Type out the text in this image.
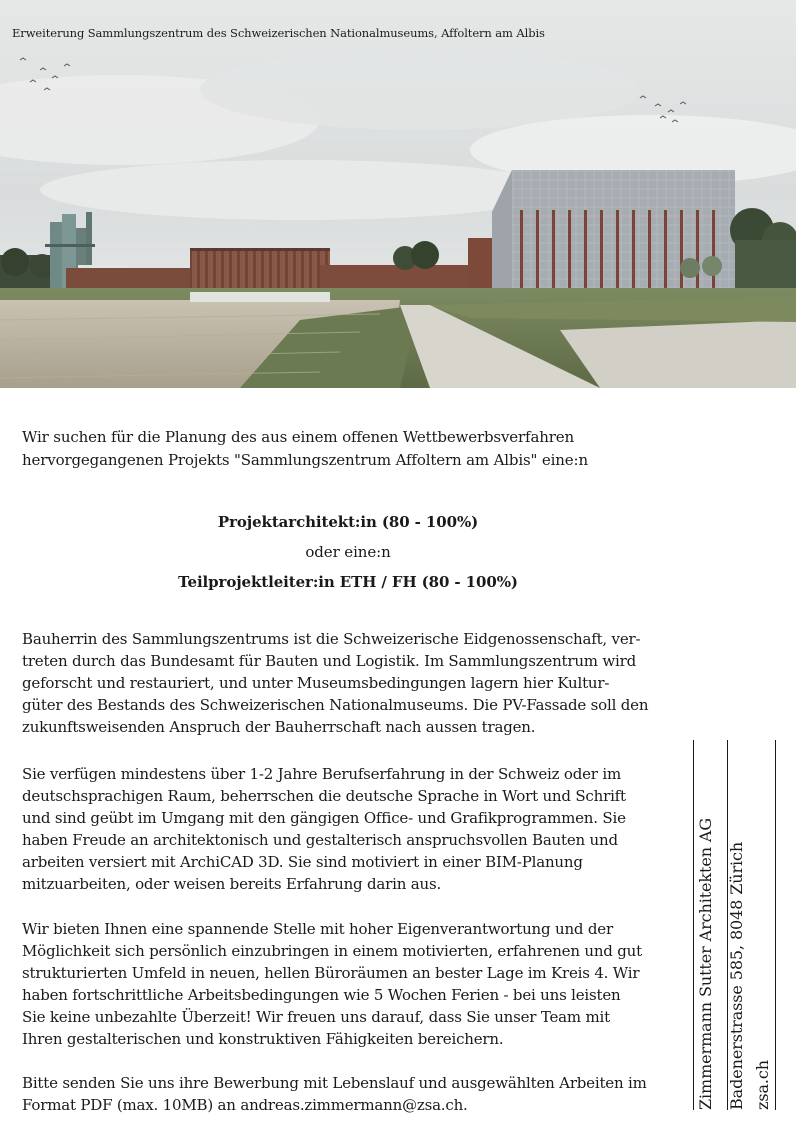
Erweiterung Sammlungszentrum des Schweizerischen Nationalmuseums, Affoltern am Albis
Wir suchen für die Planung des aus einem offenen Wettbewerbsverfahren
hervorgegangenen Projekts "Sammlungszentrum Affoltern am Albis" eine:n
Projektarchitekt:in (80 - 100%)
oder eine:n
Teilprojektleiter:in ETH / FH (80 - 100%)
Bauherrin des Sammlungszentrums ist die Schweizerische Eidgenossenschaft, ver-
treten durch das Bundesamt für Bauten und Logistik. Im Sammlungszentrum wird
geforscht und restauriert, und unter Museumsbedingungen lagern hier Kultur-
güter des Bestands des Schweizerischen Nationalmuseums. Die PV-Fassade soll den
zukunftsweisenden Anspruch der Bauherrschaft nach aussen tragen.
Sie verfügen mindestens über 1-2 Jahre Berufserfahrung in der Schweiz oder im
deutschsprachigen Raum, beherrschen die deutsche Sprache in Wort und Schrift
und sind geübt im Umgang mit den gängigen Office- und Grafikprogrammen. Sie
haben Freude an architektonisch und gestalterisch anspruchsvollen Bauten und
arbeiten versiert mit ArchiCAD 3D. Sie sind motiviert in einer BIM-Planung
mitzuarbeiten, oder weisen bereits Erfahrung darin aus.
Wir bieten Ihnen eine spannende Stelle mit hoher Eigenverantwortung und der
Möglichkeit sich persönlich einzubringen in einem motivierten, erfahrenen und gut
strukturierten Umfeld in neuen, hellen Büroräumen an bester Lage im Kreis 4. Wir
haben fortschrittliche Arbeitsbedingungen wie 5 Wochen Ferien - bei uns leisten
Sie keine unbezahlte Überzeit! Wir freuen uns darauf, dass Sie unser Team mit
Ihren gestalterischen und konstruktiven Fähigkeiten bereichern.
Bitte senden Sie uns ihre Bewerbung mit Lebenslauf und ausgewählten Arbeiten im
Format PDF (max. 10MB) an andreas.zimmermann@zsa.ch.	Zimmermann Sutter Architekten AG Badenerstrasse 585, 8048 Zürich zsa.ch
